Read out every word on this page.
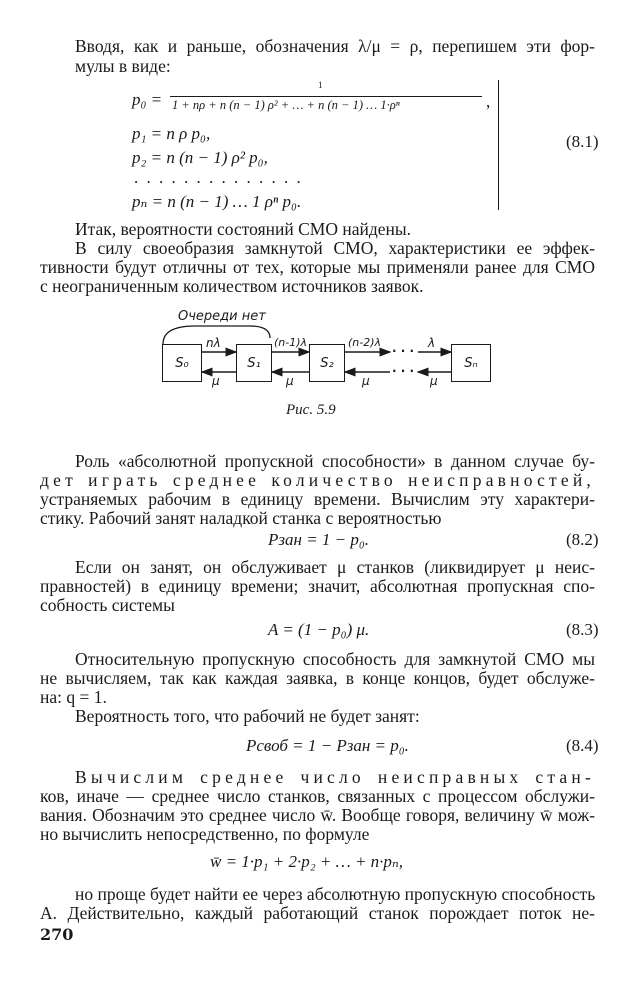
Вводя, как и раньше, обозначения λ/μ = ρ, перепишем эти фор-
мулы в виде:
p₀ =
1
1 + nρ + n (n − 1) ρ² + … + n (n − 1) … 1·ρⁿ	,
p₁ = n ρ p₀,
p₂ = n (n − 1) ρ² p₀,
. . . . . . . . . . . . . .
pₙ = n (n − 1) … 1 ρⁿ p₀.
(8.1)
Итак, вероятности состояний СМО найдены.
В силу своеобразия замкнутой СМО, характеристики ее эффек-
тивности будут отличны от тех, которые мы применяли ранее для СМО
с неограниченным количеством источников заявок.
Очереди нет
S₀	S₁	S₂	Sₙ
· · ·
· · ·
nλ	(n-1)λ	(n-2)λ	λ
μ	μ	μ	μ
Рис. 5.9
Роль «абсолютной пропускной способности» в данном случае бу-
дет играть среднее количество неисправностей,
устраняемых рабочим в единицу времени. Вычислим эту характери-
стику. Рабочий занят наладкой станка с вероятностью
Pзан = 1 − p₀.	(8.2)
Если он занят, он обслуживает μ станков (ликвидирует μ неис-
правностей) в единицу времени; значит, абсолютная пропускная спо-
собность системы
A = (1 − p₀) μ.	(8.3)
Относительную пропускную способность для замкнутой СМО мы
не вычисляем, так как каждая заявка, в конце концов, будет обслуже-
на: q = 1.
Вероятность того, что рабочий не будет занят:
Pсвоб = 1 − Pзан = p₀.	(8.4)
Вычислим среднее число неисправных стан-
ков, иначе — среднее число станков, связанных с процессом обслужи-
вания. Обозначим это среднее число w̄. Вообще говоря, величину w̄ мож-
но вычислить непосредственно, по формуле
w̄ = 1·p₁ + 2·p₂ + … + n·pₙ,
но проще будет найти ее через абсолютную пропускную способность
A. Действительно, каждый работающий станок порождает поток не-
270
